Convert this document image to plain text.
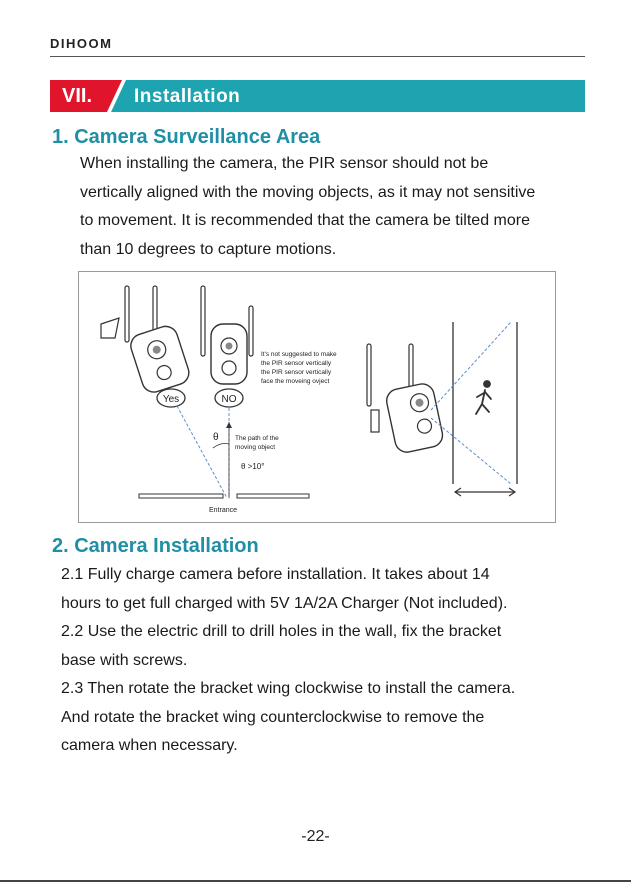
DIHOOM
VII. Installation
1. Camera Surveillance Area
When installing the camera, the PIR sensor should not be
vertically aligned with the moving objects, as it may not sensitive
to movement. It is recommended that the camera be tilted more
than 10 degrees to capture motions.
Yes	NO
It's not suggested to make
the PIR sensor vertically
the PIR sensor vertically
face the moveing ovject
θ	The path of the
moving object
θ >10°
Entrance
2. Camera Installation
2.1 Fully charge camera before installation. It takes about 14
hours to get full charged with 5V 1A/2A Charger (Not included).
2.2 Use the electric drill to drill holes in the wall, fix the bracket
base with screws.
2.3 Then rotate the bracket wing clockwise to install the camera.
And rotate the bracket wing counterclockwise to remove the
camera when necessary.
-22-
